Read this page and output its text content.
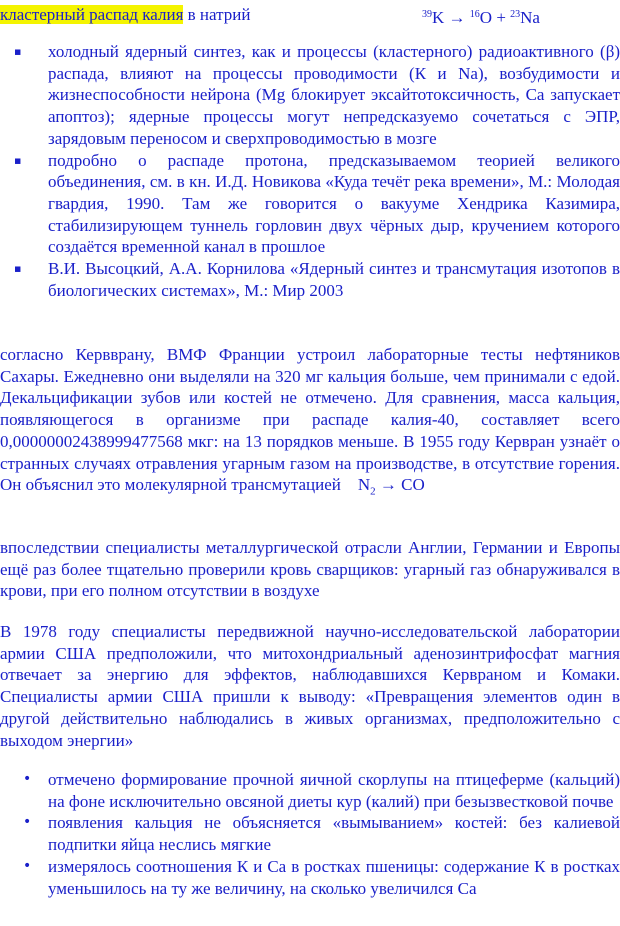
кластерный распад калия в натрий	$^{39}$K → $^{16}$O + $^{23}$Na
▪ холодный ядерный синтез, как и процессы (кластерного) радиоактивного (β) распада, влияют на процессы проводимости (К и Na), возбудимости и жизнеспособности нейрона (Mg блокирует эксайтотоксичность, Ca запускает апоптоз); ядерные процессы могут непредсказуемо сочетаться с ЭПР, зарядовым переносом и сверхпроводимостью в мозге
▪ подробно о распаде протона, предсказываемом теорией великого объединения, см. в кн. И.Д. Новикова «Куда течёт река времени», М.: Молодая гвардия, 1990. Там же говорится о вакууме Хендрика Казимира, стабилизирующем туннель горловин двух чёрных дыр, кручением которого создаётся временной канал в прошлое
▪ В.И. Высоцкий, А.А. Корнилова «Ядерный синтез и трансмутация изотопов в биологических системах», М.: Мир 2003
согласно Кервврану, ВМФ Франции устроил лабораторные тесты нефтяников Сахары. Ежедневно они выделяли на 320 мг кальция больше, чем принимали с едой. Декальцификации зубов или костей не отмечено. Для сравнения, масса кальция, появляющегося в организме при распаде калия-40, составляет всего 0,00000002438999477568 мкг: на 13 порядков меньше. В 1955 году Кервран узнаёт о странных случаях отравления угарным газом на производстве, в отсутствие горения. Он объяснил это молекулярной трансмутацией $N_2$ → CO
впоследствии специалисты металлургической отрасли Англии, Германии и Европы ещё раз более тщательно проверили кровь сварщиков: угарный газ обнаруживался в крови, при его полном отсутствии в воздухе
В 1978 году специалисты передвижной научно-исследовательской лаборатории армии США предположили, что митохондриальный аденозинтрифосфат магния отвечает за энергию для эффектов, наблюдавшихся Кервраном и Комаки. Специалисты армии США пришли к выводу: «Превращения элементов один в другой действительно наблюдались в живых организмах, предположительно с выходом энергии»
• отмечено формирование прочной яичной скорлупы на птицеферме (кальций) на фоне исключительно овсяной диеты кур (калий) при безызвестковой почве
• появления кальция не объясняется «вымыванием» костей: без калиевой подпитки яйца неслись мягкие
• измерялось соотношения К и Ca в ростках пшеницы: содержание К в ростках уменьшилось на ту же величину, на сколько увеличился Ca
